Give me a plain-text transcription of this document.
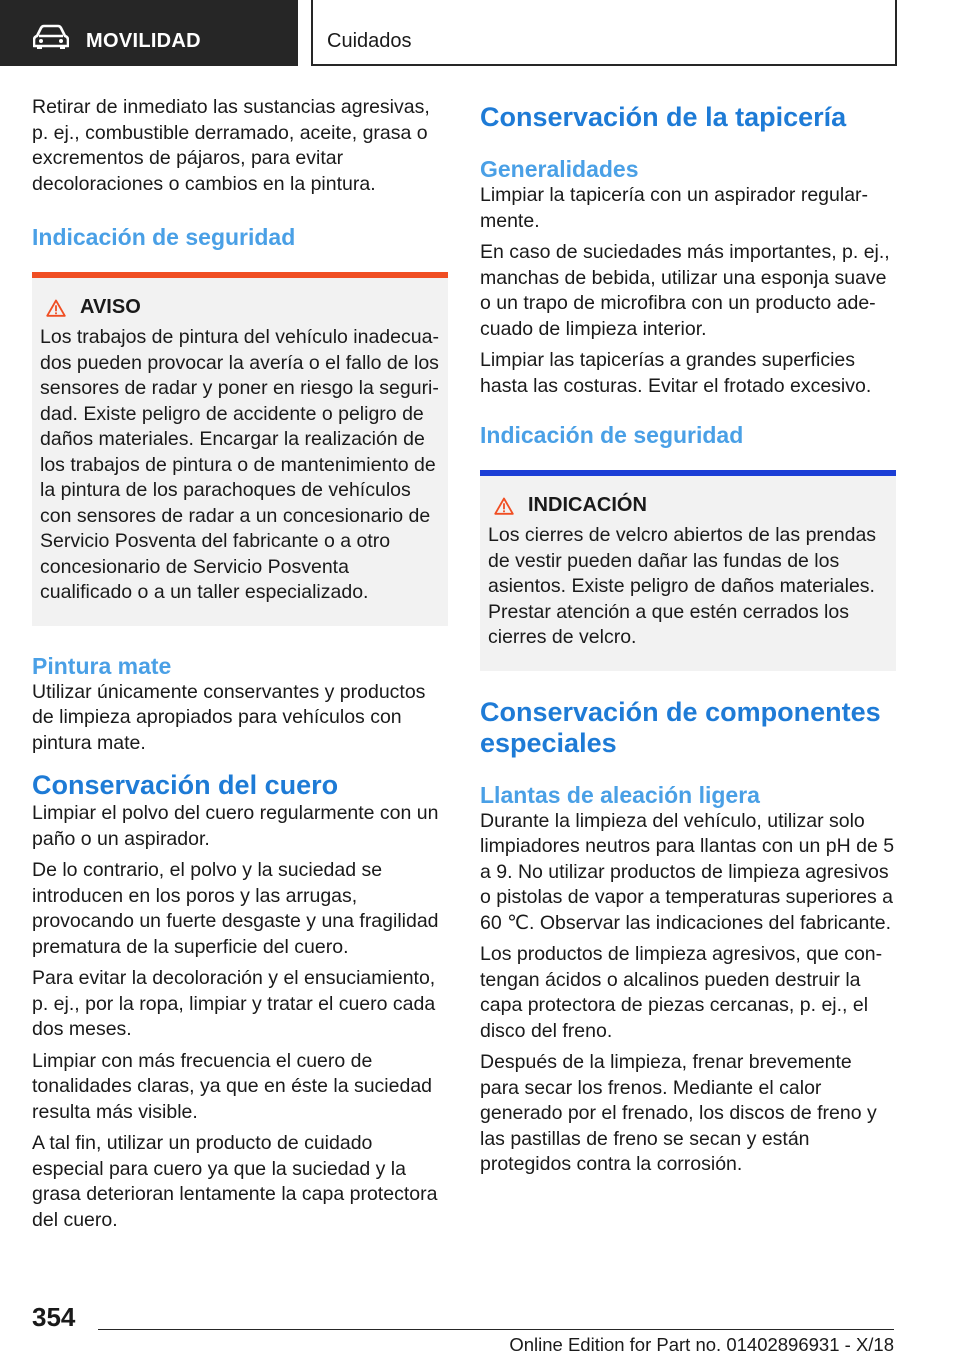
MOVILIDAD	Cuidados

Retirar de inmediato las sustancias agresivas, p. ej., combustible derramado, aceite, grasa o excrementos de pájaros, para evitar decoloraciones o cambios en la pintura.

Indicación de seguridad
AVISO

Los trabajos de pintura del vehículo inadecuados pueden provocar la avería o el fallo de los sensores de radar y poner en riesgo la seguridad. Existe peligro de accidente o peligro de daños materiales. Encargar la realización de los trabajos de pintura o de mantenimiento de la pintura de los parachoques de vehículos con sensores de radar a un concesionario de Servicio Posventa del fabricante o a otro concesionario de Servicio Posventa cualificado o a un taller especializado.

Pintura mate

Utilizar únicamente conservantes y productos de limpieza apropiados para vehículos con pintura mate.

Conservación del cuero

Limpiar el polvo del cuero regularmente con un paño o un aspirador.

De lo contrario, el polvo y la suciedad se introducen en los poros y las arrugas, provocando un fuerte desgaste y una fragilidad prematura de la superficie del cuero.

Para evitar la decoloración y el ensuciamiento, p. ej., por la ropa, limpiar y tratar el cuero cada dos meses.

Limpiar con más frecuencia el cuero de tonalidades claras, ya que en éste la suciedad resulta más visible.

A tal fin, utilizar un producto de cuidado especial para cuero ya que la suciedad y la grasa deterioran lentamente la capa protectora del cuero.

Conservación de la tapicería
Generalidades

Limpiar la tapicería con un aspirador regularmente.

En caso de suciedades más importantes, p. ej., manchas de bebida, utilizar una esponja suave o un trapo de microfibra con un producto adecuado de limpieza interior.

Limpiar las tapicerías a grandes superficies hasta las costuras. Evitar el frotado excesivo.

Indicación de seguridad
INDICACIÓN

Los cierres de velcro abiertos de las prendas de vestir pueden dañar las fundas de los asientos. Existe peligro de daños materiales. Prestar atención a que estén cerrados los cierres de velcro.

Conservación de componentes especiales
Llantas de aleación ligera

Durante la limpieza del vehículo, utilizar solo limpiadores neutros para llantas con un pH de 5 a 9. No utilizar productos de limpieza agresivos o pistolas de vapor a temperaturas superiores a 60 ℃. Observar las indicaciones del fabricante.

Los productos de limpieza agresivos, que contengan ácidos o alcalinos pueden destruir la capa protectora de piezas cercanas, p. ej., el disco del freno.

Después de la limpieza, frenar brevemente para secar los frenos. Mediante el calor generado por el frenado, los discos de freno y las pastillas de freno se secan y están protegidos contra la corrosión.

354
Online Edition for Part no. 01402896931 - X/18
